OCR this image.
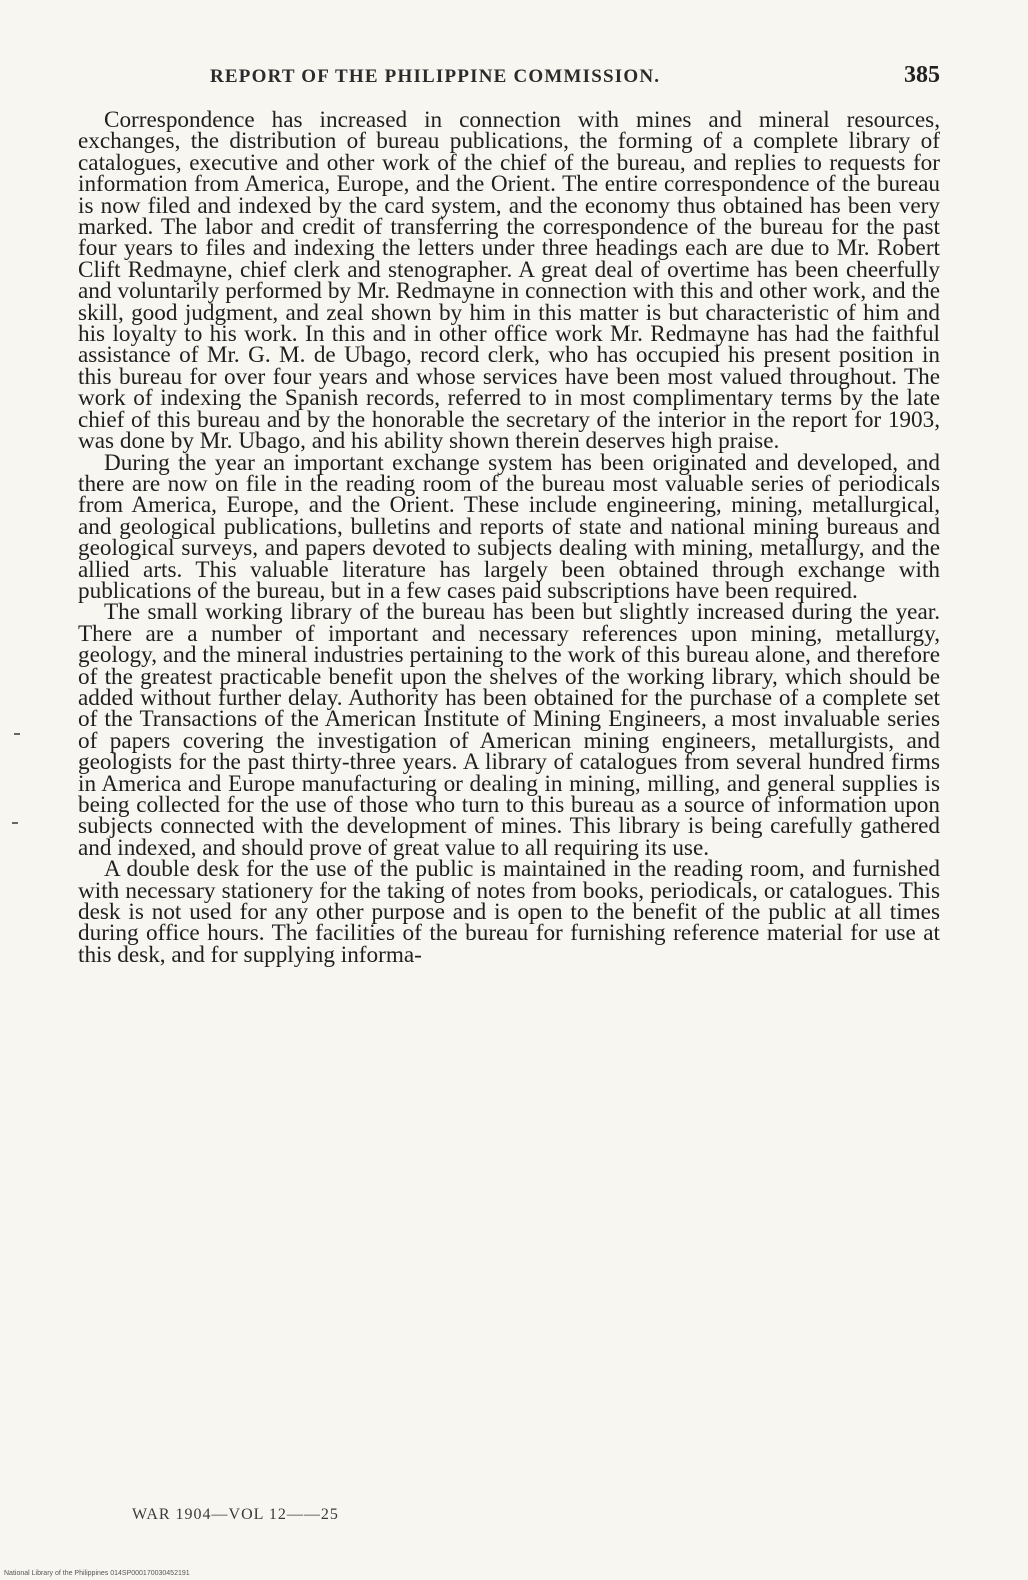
REPORT OF THE PHILIPPINE COMMISSION.	385

Correspondence has increased in connection with mines and mineral resources, exchanges, the distribution of bureau publications, the forming of a complete library of catalogues, executive and other work of the chief of the bureau, and replies to requests for information from America, Europe, and the Orient. The entire correspondence of the bureau is now filed and indexed by the card system, and the economy thus obtained has been very marked. The labor and credit of transferring the correspondence of the bureau for the past four years to files and indexing the letters under three headings each are due to Mr. Robert Clift Redmayne, chief clerk and stenographer. A great deal of overtime has been cheerfully and voluntarily performed by Mr. Redmayne in connection with this and other work, and the skill, good judgment, and zeal shown by him in this matter is but characteristic of him and his loyalty to his work. In this and in other office work Mr. Redmayne has had the faithful assistance of Mr. G. M. de Ubago, record clerk, who has occupied his present position in this bureau for over four years and whose services have been most valued throughout. The work of indexing the Spanish records, referred to in most complimentary terms by the late chief of this bureau and by the honorable the secretary of the interior in the report for 1903, was done by Mr. Ubago, and his ability shown therein deserves high praise.

During the year an important exchange system has been originated and developed, and there are now on file in the reading room of the bureau most valuable series of periodicals from America, Europe, and the Orient. These include engineering, mining, metallurgical, and geological publications, bulletins and reports of state and national mining bureaus and geological surveys, and papers devoted to subjects dealing with mining, metallurgy, and the allied arts. This valuable literature has largely been obtained through exchange with publications of the bureau, but in a few cases paid subscriptions have been required.

The small working library of the bureau has been but slightly increased during the year. There are a number of important and necessary references upon mining, metallurgy, geology, and the mineral industries pertaining to the work of this bureau alone, and therefore of the greatest practicable benefit upon the shelves of the working library, which should be added without further delay. Authority has been obtained for the purchase of a complete set of the Transactions of the American Institute of Mining Engineers, a most invaluable series of papers covering the investigation of American mining engineers, metallurgists, and geologists for the past thirty-three years. A library of catalogues from several hundred firms in America and Europe manufacturing or dealing in mining, milling, and general supplies is being collected for the use of those who turn to this bureau as a source of information upon subjects connected with the development of mines. This library is being carefully gathered and indexed, and should prove of great value to all requiring its use.

A double desk for the use of the public is maintained in the reading room, and furnished with necessary stationery for the taking of notes from books, periodicals, or catalogues. This desk is not used for any other purpose and is open to the benefit of the public at all times during office hours. The facilities of the bureau for furnishing reference material for use at this desk, and for supplying informa-

WAR 1904—VOL 12——25
National Library of the Philippines 014SP000170030452191
